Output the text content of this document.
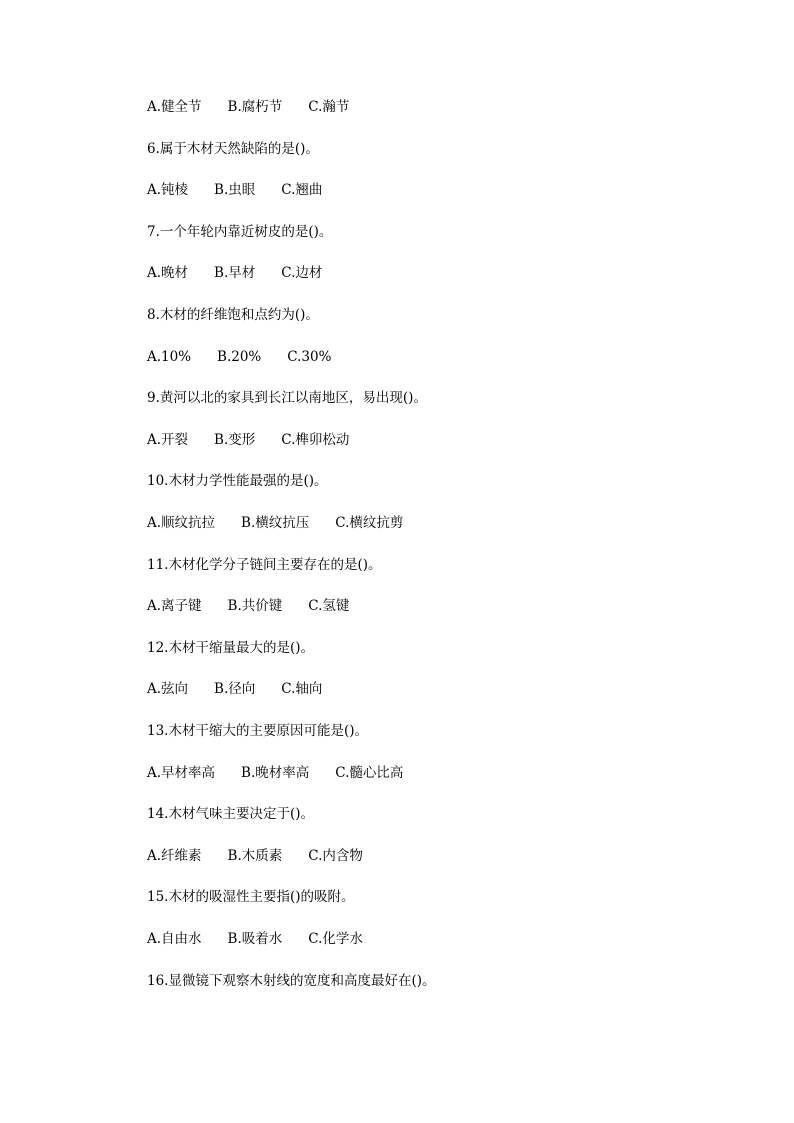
A.健全节 B.腐朽节 C.瀚节
6.属于木材天然缺陷的是()。
A.钝棱 B.虫眼 C.翘曲
7.一个年轮内靠近树皮的是()。
A.晚材 B.早材 C.边材
8.木材的纤维饱和点约为()。
A.10% B.20% C.30%
9.黄河以北的家具到长江以南地区，易出现()。
A.开裂 B.变形 C.榫卯松动
10.木材力学性能最强的是()。
A.顺纹抗拉 B.横纹抗压 C.横纹抗剪
11.木材化学分子链间主要存在的是()。
A.离子键 B.共价键 C.氢键
12.木材干缩量最大的是()。
A.弦向 B.径向 C.轴向
13.木材干缩大的主要原因可能是()。
A.早材率高 B.晚材率高 C.髓心比高
14.木材气味主要决定于()。
A.纤维素 B.木质素 C.内含物
15.木材的吸湿性主要指()的吸附。
A.自由水 B.吸着水 C.化学水
16.显微镜下观察木射线的宽度和高度最好在()。
